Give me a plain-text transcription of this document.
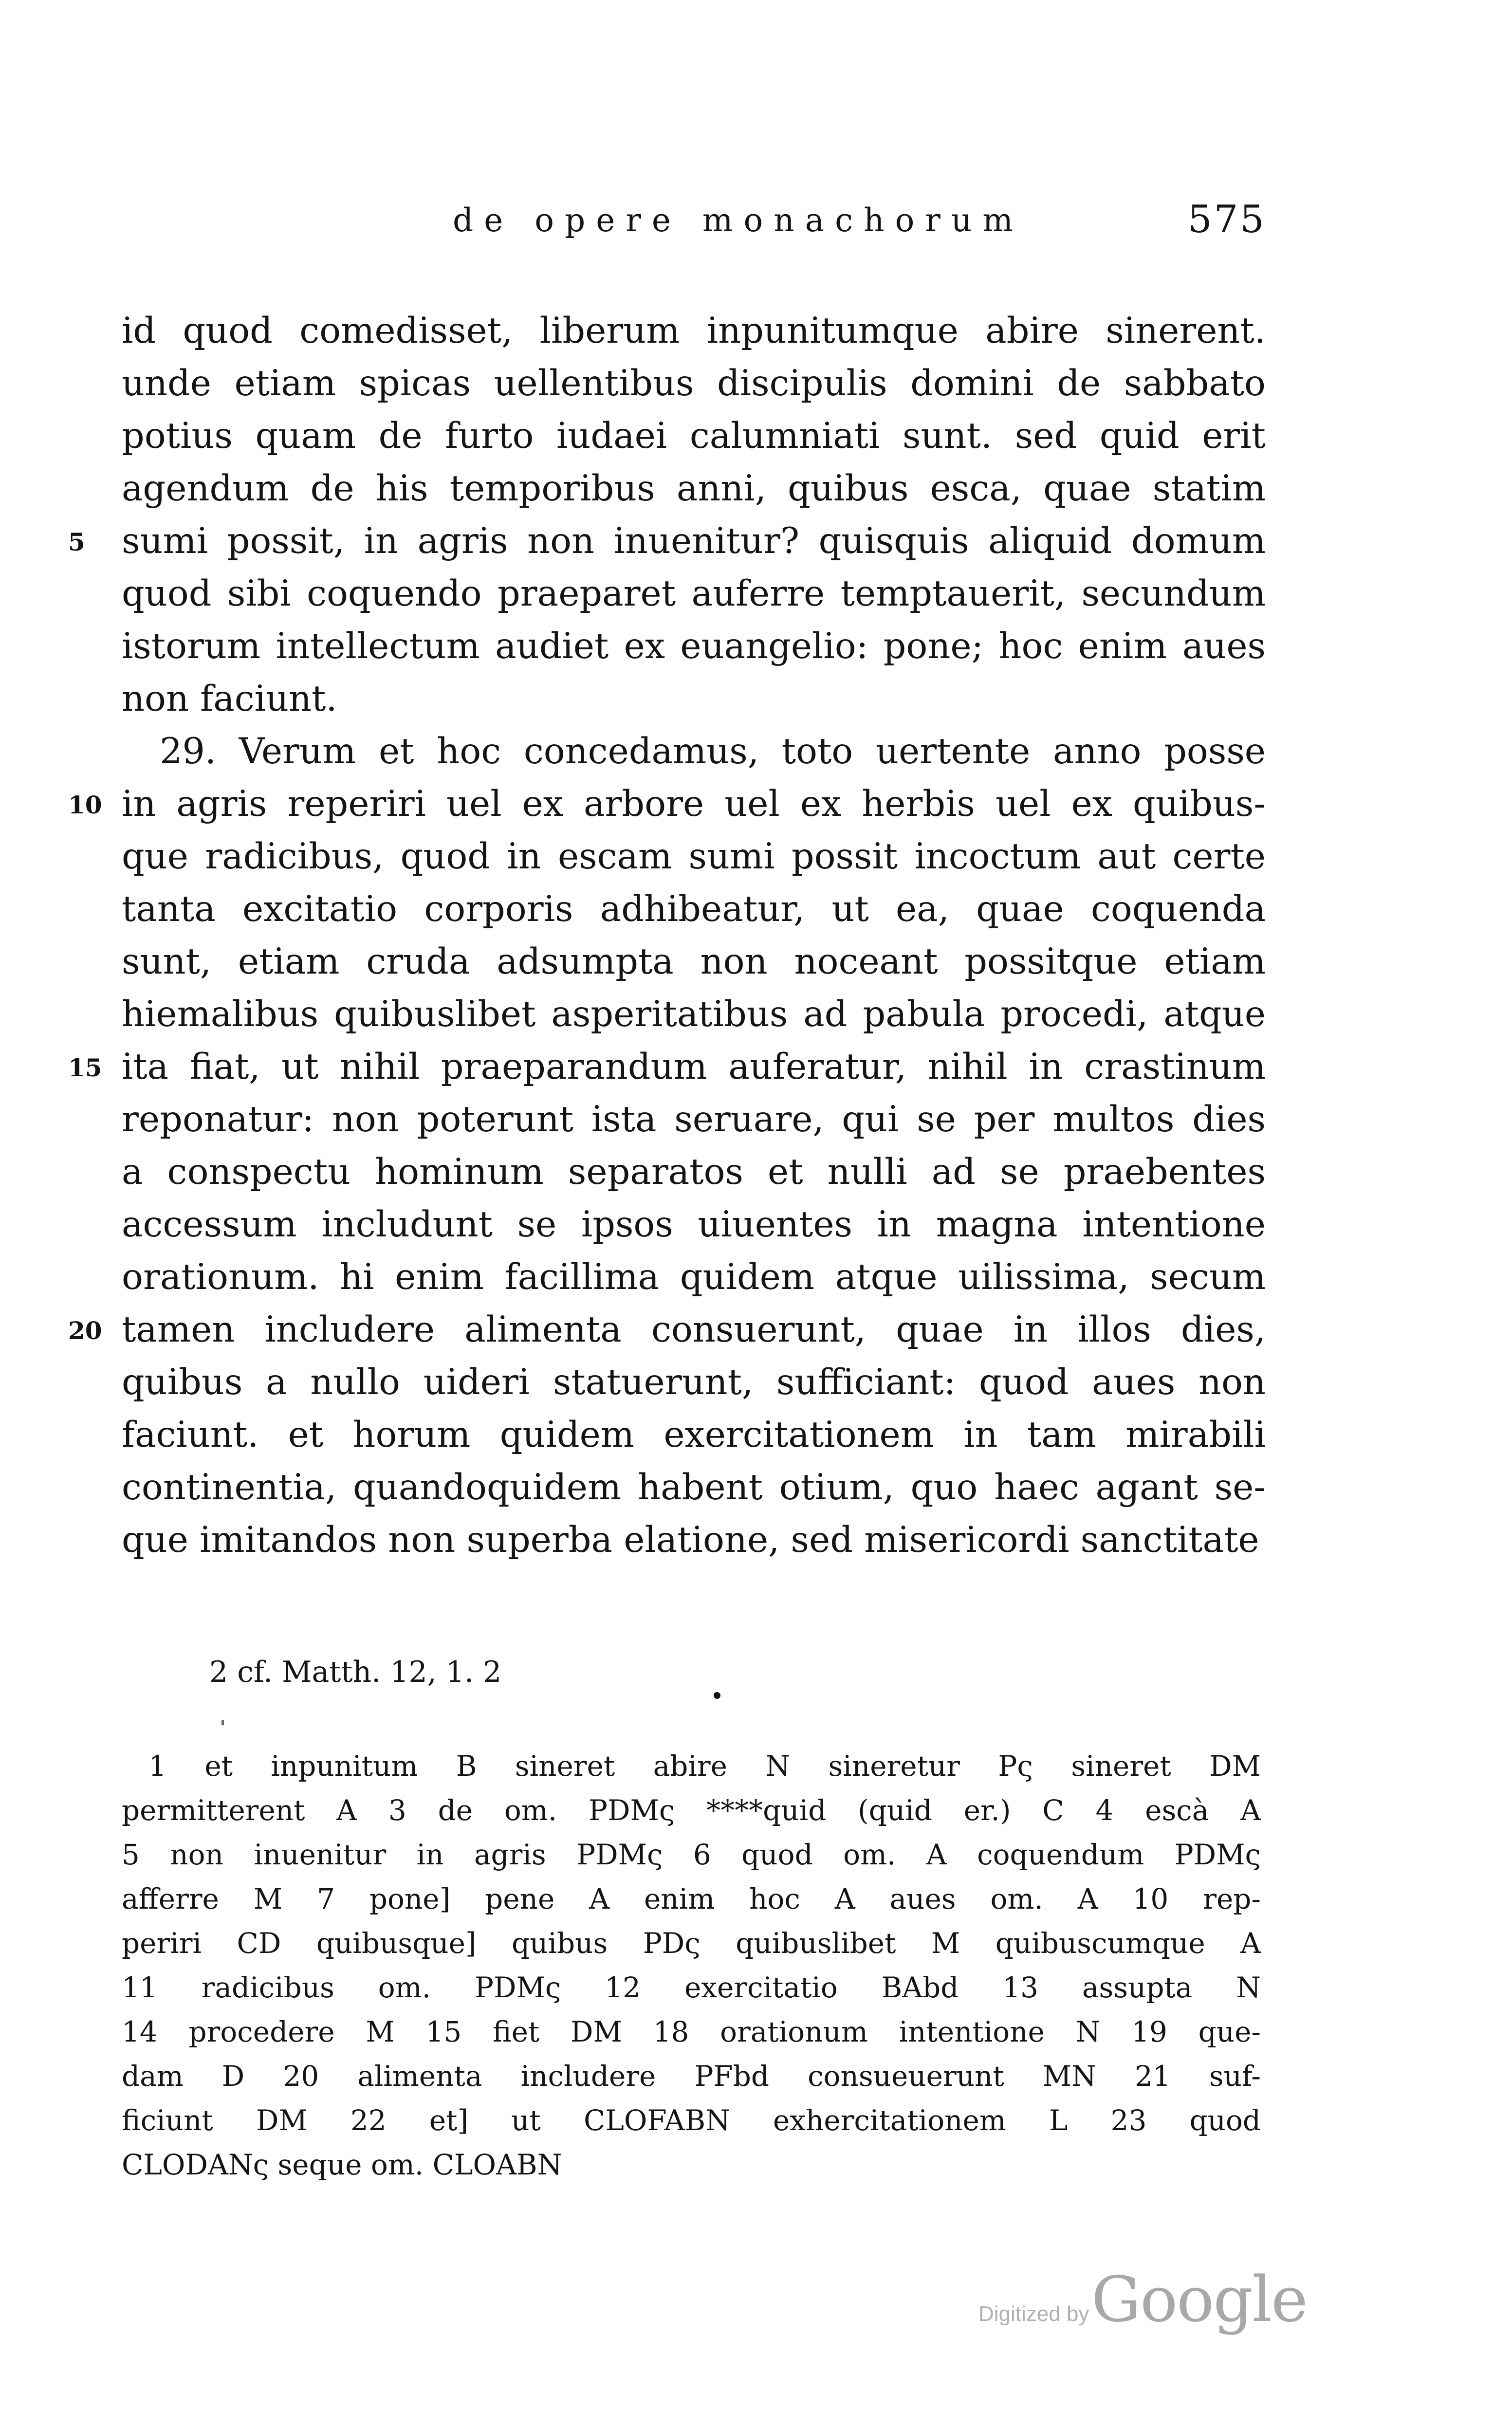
de opere monachorum	575
id quod comedisset, liberum inpunitumque abire sinerent.
unde etiam spicas uellentibus discipulis domini de sabbato
potius quam de furto iudaei calumniati sunt. sed quid erit
agendum de his temporibus anni, quibus esca, quae statim
5	sumi possit, in agris non inuenitur? quisquis aliquid domum
quod sibi coquendo praeparet auferre temptauerit, secundum
istorum intellectum audiet ex euangelio: pone; hoc enim aues
non faciunt.
29. Verum et hoc concedamus, toto uertente anno posse
10 in agris reperiri uel ex arbore uel ex herbis uel ex quibus-
que radicibus, quod in escam sumi possit incoctum aut certe
tanta excitatio corporis adhibeatur, ut ea, quae coquenda
sunt, etiam cruda adsumpta non noceant possitque etiam
hiemalibus quibuslibet asperitatibus ad pabula procedi, atque
15 ita fiat, ut nihil praeparandum auferatur, nihil in crastinum
reponatur: non poterunt ista seruare, qui se per multos dies
a conspectu hominum separatos et nulli ad se praebentes
accessum includunt se ipsos uiuentes in magna intentione
orationum. hi enim facillima quidem atque uilissima, secum
20 tamen includere alimenta consuerunt, quae in illos dies,
quibus a nullo uideri statuerunt, sufficiant: quod aues non
faciunt. et horum quidem exercitationem in tam mirabili
continentia, quandoquidem habent otium, quo haec agant se-
que imitandos non superba elatione, sed misericordi sanctitate
2 cf. Matth. 12, 1. 2
1 et inpunitum B sineret abire N sineretur Pς sineret DM
permitterent A 3 de om. PDMς ****quid (quid er.) C 4 escà A
5 non inuenitur in agris PDMς 6 quod om. A coquendum PDMς
afferre M 7 pone] pene A enim hoc A aues om. A 10 rep-
periri CD quibusque] quibus PDς quibuslibet M quibuscumque A
11 radicibus om. PDMς 12 exercitatio BAbd 13 assupta N
14 procedere M 15 fiet DM 18 orationum intentione N 19 que-
dam D 20 alimenta includere PFbd consueuerunt MN 21 suf-
ficiunt DM 22 et] ut CLOFABN exhercitationem L 23 quod
CLODANς seque om. CLOABN
Digitized by Google
